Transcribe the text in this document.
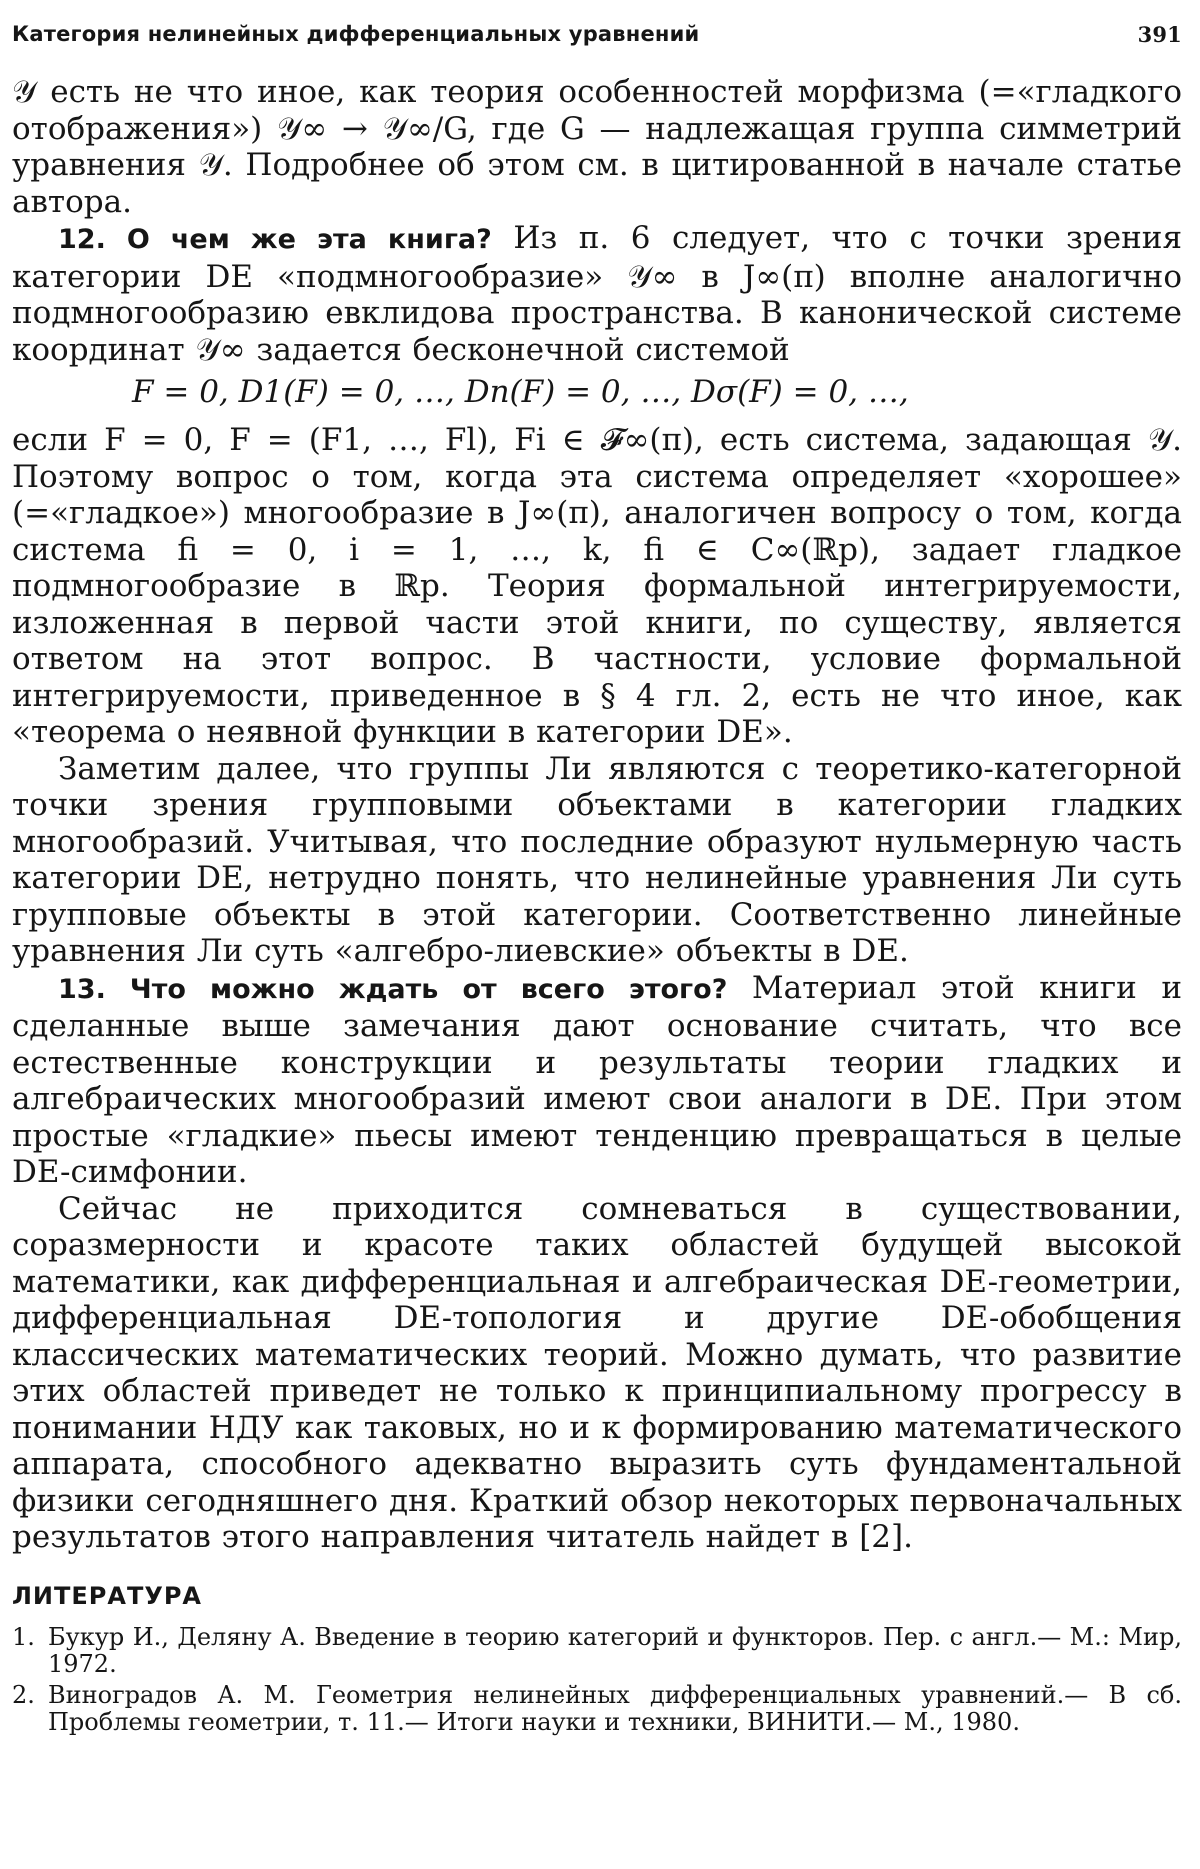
Категория нелинейных дифференциальных уравнений	391

𝒴 есть не что иное, как теория особенностей морфизма (=«гладкого отображения») 𝒴∞ → 𝒴∞/G, где G — надлежащая группа симметрий уравнения 𝒴. Подробнее об этом см. в цитированной в начале статье автора.

12. О чем же эта книга? Из п. 6 следует, что с точки зрения категории DE «подмногообразие» 𝒴∞ в J∞(π) вполне аналогично подмногообразию евклидова пространства. В канонической системе координат 𝒴∞ задается бесконечной системой

F = 0, D1(F) = 0, …, Dn(F) = 0, …, Dσ(F) = 0, …,

если F = 0, F = (F1, …, Fl), Fi ∈ 𝓕∞(π), есть система, задающая 𝒴. Поэтому вопрос о том, когда эта система определяет «хорошее» (=«гладкое») многообразие в J∞(π), аналогичен вопросу о том, когда система fi = 0, i = 1, …, k, fi ∈ C∞(ℝp), задает гладкое подмногообразие в ℝp. Теория формальной интегрируемости, изложенная в первой части этой книги, по существу, является ответом на этот вопрос. В частности, условие формальной интегрируемости, приведенное в § 4 гл. 2, есть не что иное, как «теорема о неявной функции в категории DE».

Заметим далее, что группы Ли являются с теоретико-категорной точки зрения групповыми объектами в категории гладких многообразий. Учитывая, что последние образуют нульмерную часть категории DE, нетрудно понять, что нелинейные уравнения Ли суть групповые объекты в этой категории. Соответственно линейные уравнения Ли суть «алгебро-лиевские» объекты в DE.

13. Что можно ждать от всего этого? Материал этой книги и сделанные выше замечания дают основание считать, что все естественные конструкции и результаты теории гладких и алгебраических многообразий имеют свои аналоги в DE. При этом простые «гладкие» пьесы имеют тенденцию превращаться в целые DE-симфонии.

Сейчас не приходится сомневаться в существовании, соразмерности и красоте таких областей будущей высокой математики, как дифференциальная и алгебраическая DE-геометрии, дифференциальная DE-топология и другие DE-обобщения классических математических теорий. Можно думать, что развитие этих областей приведет не только к принципиальному прогрессу в понимании НДУ как таковых, но и к формированию математического аппарата, способного адекватно выразить суть фундаментальной физики сегодняшнего дня. Краткий обзор некоторых первоначальных результатов этого направления читатель найдет в [2].

ЛИТЕРАТУРА
1. Букур И., Деляну А. Введение в теорию категорий и функторов. Пер. с англ.— М.: Мир, 1972.
2. Виноградов А. М. Геометрия нелинейных дифференциальных уравнений.— В сб. Проблемы геометрии, т. 11.— Итоги науки и техники, ВИНИТИ.— М., 1980.
